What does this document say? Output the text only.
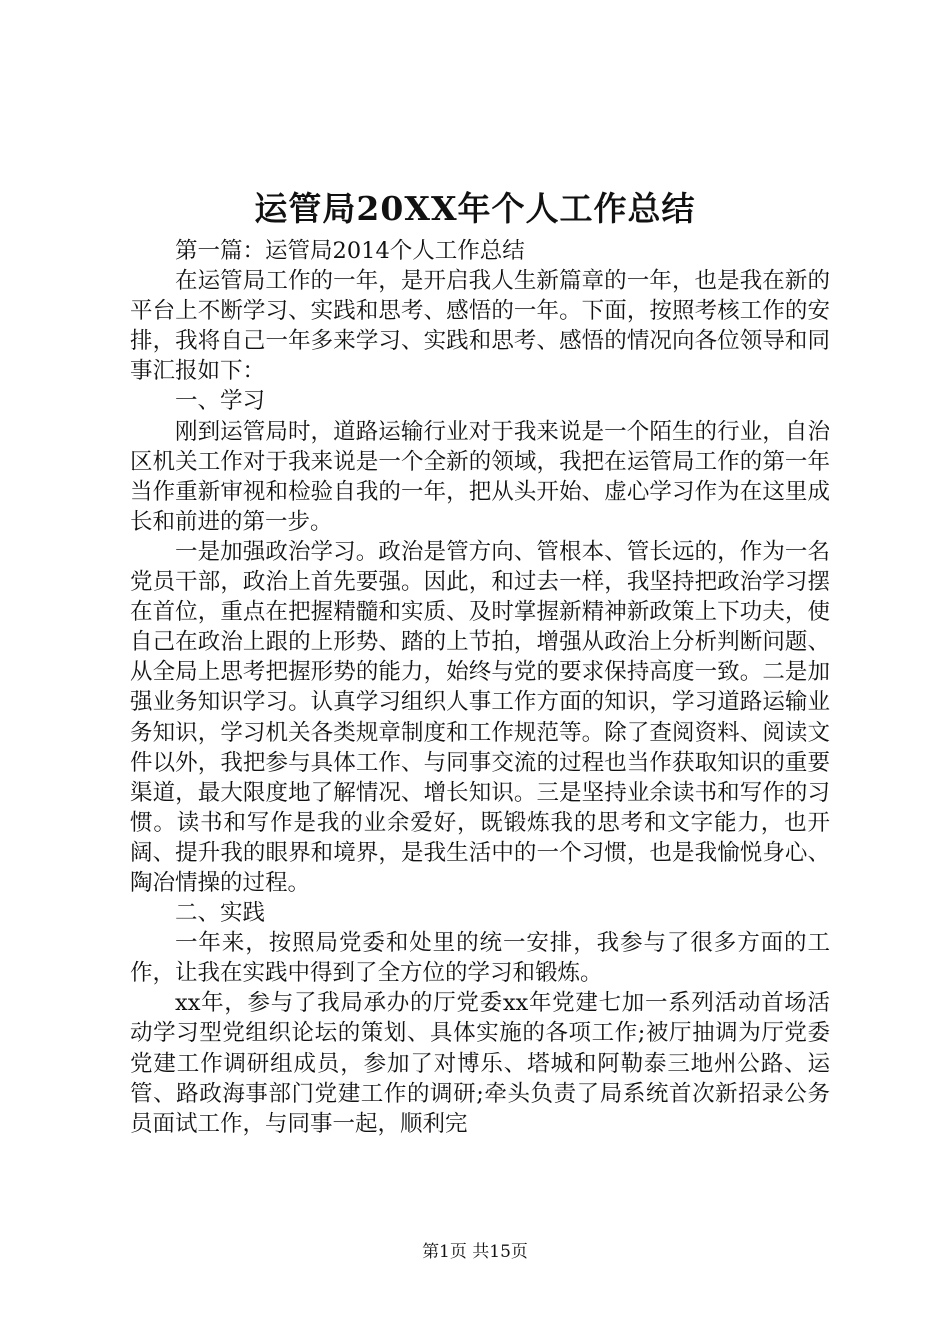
运管局20XX年个人工作总结

第一篇：运管局2014个人工作总结

在运管局工作的一年，是开启我人生新篇章的一年，也是我在新的平台上不断学习、实践和思考、感悟的一年。下面，按照考核工作的安排，我将自己一年多来学习、实践和思考、感悟的情况向各位领导和同事汇报如下：

一、学习

刚到运管局时，道路运输行业对于我来说是一个陌生的行业，自治区机关工作对于我来说是一个全新的领域，我把在运管局工作的第一年当作重新审视和检验自我的一年，把从头开始、虚心学习作为在这里成长和前进的第一步。

一是加强政治学习。政治是管方向、管根本、管长远的，作为一名党员干部，政治上首先要强。因此，和过去一样，我坚持把政治学习摆在首位，重点在把握精髓和实质、及时掌握新精神新政策上下功夫，使自己在政治上跟的上形势、踏的上节拍，增强从政治上分析判断问题、从全局上思考把握形势的能力，始终与党的要求保持高度一致。二是加强业务知识学习。认真学习组织人事工作方面的知识，学习道路运输业务知识，学习机关各类规章制度和工作规范等。除了查阅资料、阅读文件以外，我把参与具体工作、与同事交流的过程也当作获取知识的重要渠道，最大限度地了解情况、增长知识。三是坚持业余读书和写作的习惯。读书和写作是我的业余爱好，既锻炼我的思考和文字能力，也开阔、提升我的眼界和境界，是我生活中的一个习惯，也是我愉悦身心、陶冶情操的过程。

二、实践

一年来，按照局党委和处里的统一安排，我参与了很多方面的工作，让我在实践中得到了全方位的学习和锻炼。

xx年，参与了我局承办的厅党委xx年党建七加一系列活动首场活动学习型党组织论坛的策划、具体实施的各项工作;被厅抽调为厅党委党建工作调研组成员，参加了对博乐、塔城和阿勒泰三地州公路、运管、路政海事部门党建工作的调研;牵头负责了局系统首次新招录公务员面试工作，与同事一起，顺利完

第1页 共15页
